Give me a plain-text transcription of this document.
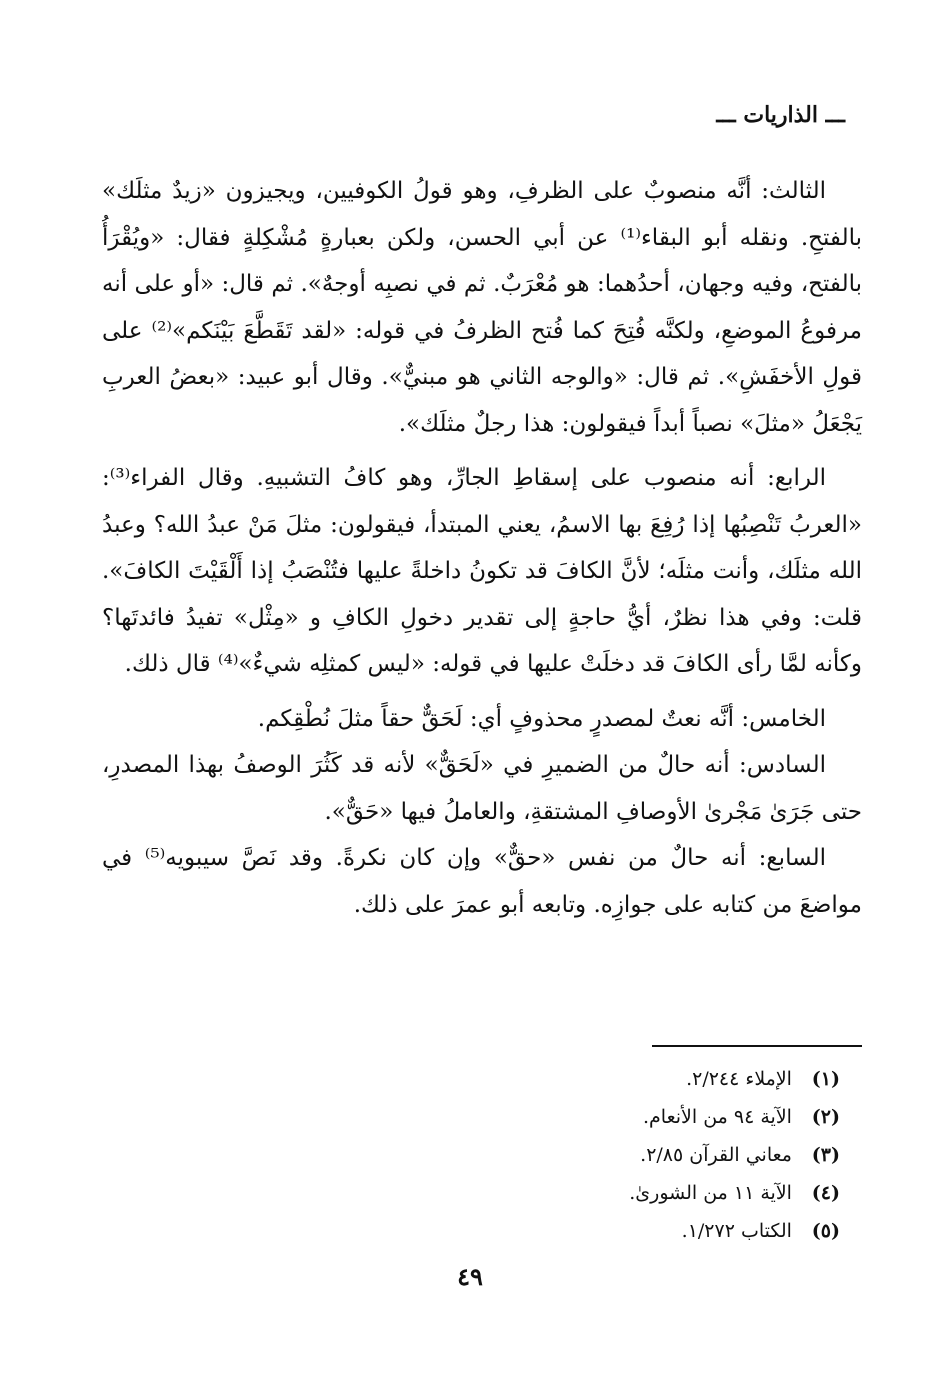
ـــ الذاريات ـــ

الثالث: أنَّه منصوبٌ على الظرفِ، وهو قولُ الكوفيين، ويجيزون «زيدٌ مثلَك» بالفتحِ. ونقله أبو البقاء⁽¹⁾ عن أبي الحسن، ولكن بعبارةٍ مُشْكِلةٍ فقال: «ويُقْرَأُ بالفتح، وفيه وجهان، أحدُهما: هو مُعْرَبٌ. ثم في نصبِه أوجهٌ». ثم قال: «أو على أنه مرفوعُ الموضعِ، ولكنَّه فُتِحَ كما فُتح الظرفُ في قوله: «لقد تَقَطَّعَ بَيْنَكم»⁽²⁾ على قولِ الأخفَشِ». ثم قال: «والوجه الثاني هو مبنيٌّ». وقال أبو عبيد: «بعضُ العربِ يَجْعَلُ «مثلَ» نصباً أبداً فيقولون: هذا رجلٌ مثلَك».

الرابع: أنه منصوب على إسقاطِ الجارِّ، وهو كافُ التشبيهِ. وقال الفراء⁽³⁾: «العربُ تَنْصِبُها إذا رُفِعَ بها الاسمُ، يعني المبتدأ، فيقولون: مثلَ مَنْ عبدُ الله؟ وعبدُ الله مثلَك، وأنت مثلَه؛ لأنَّ الكافَ قد تكونُ داخلةً عليها فتُنْصَبُ إذا أَلْقَيْتَ الكافَ». قلت: وفي هذا نظرٌ، أيُّ حاجةٍ إلى تقدير دخولِ الكافِ و «مِثْل» تفيدُ فائدتَها؟ وكأنه لمَّا رأى الكافَ قد دخلَتْ عليها في قوله: «ليس كمثلِه شيءٌ»⁽⁴⁾ قال ذلك.

الخامس: أنَّه نعتٌ لمصدرٍ محذوفٍ أي: لَحَقٌّ حقاً مثلَ نُطْقِكم.

السادس: أنه حالٌ من الضميرِ في «لَحَقٌّ» لأنه قد كَثُرَ الوصفُ بهذا المصدرِ، حتى جَرَىٰ مَجْرىٰ الأوصافِ المشتقةِ، والعاملُ فيها «حَقٌّ».

السابع: أنه حالٌ من نفس «حقٌّ» وإن كان نكرةً. وقد نَصَّ سيبويه⁽⁵⁾ في مواضعَ من كتابه على جوازِه. وتابعه أبو عمرَ على ذلك.

(١) الإملاء ٢/٢٤٤.
(٢) الآية ٩٤ من الأنعام.
(٣) معاني القرآن ٢/٨٥.
(٤) الآية ١١ من الشورىٰ.
(٥) الكتاب ١/٢٧٢.
٤٩
